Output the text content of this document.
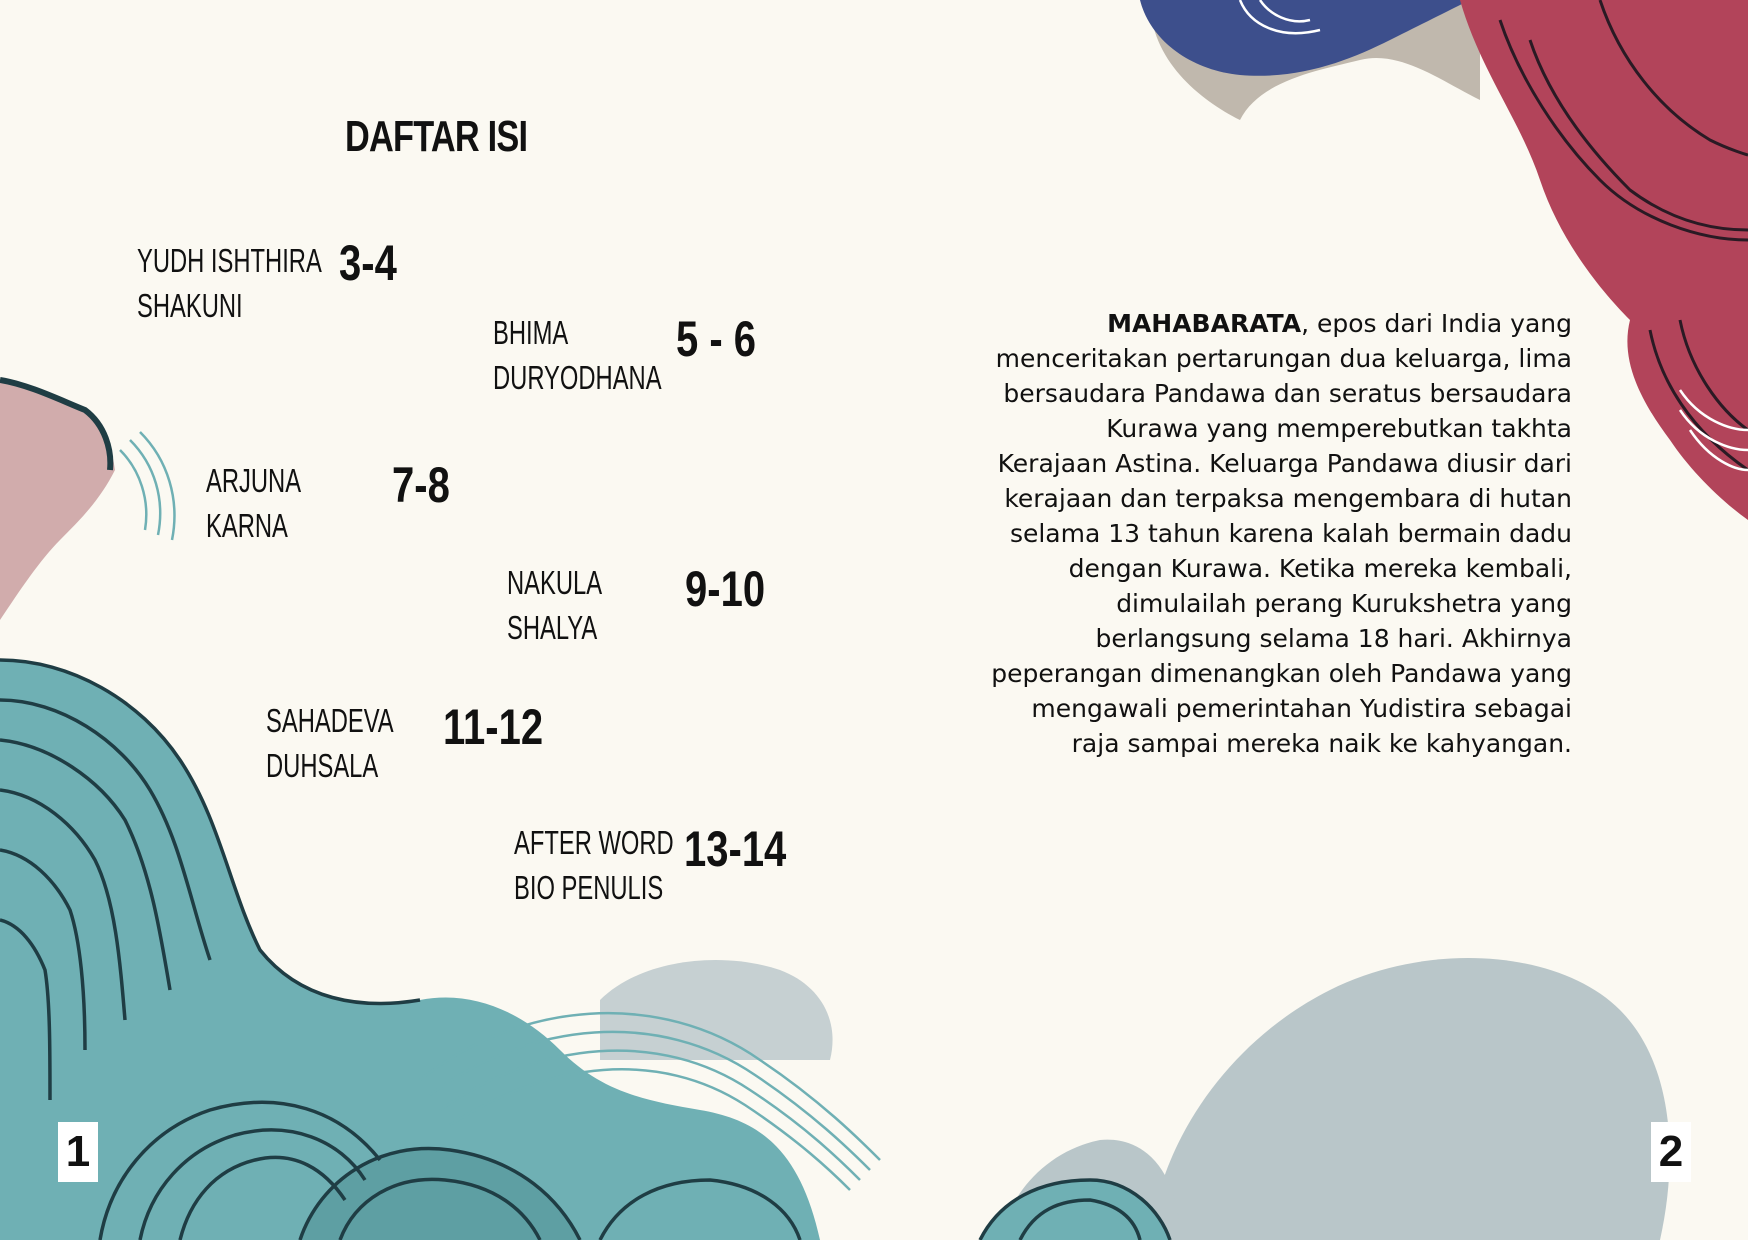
DAFTAR ISI
YUDH ISHTHIRA
SHAKUNI
3-4
BHIMA
DURYODHANA
5 - 6
ARJUNA
KARNA
7-8
NAKULA
SHALYA
9-10
SAHADEVA
DUHSALA
11-12
AFTER WORD
BIO PENULIS
13-14

MAHABARATA, epos dari India yang menceritakan pertarungan dua keluarga, lima bersaudara Pandawa dan seratus bersaudara Kurawa yang memperebutkan takhta Kerajaan Astina. Keluarga Pandawa diusir dari kerajaan dan terpaksa mengembara di hutan selama 13 tahun karena kalah bermain dadu dengan Kurawa. Ketika mereka kembali, dimulailah perang Kurukshetra yang berlangsung selama 18 hari. Akhirnya peperangan dimenangkan oleh Pandawa yang mengawali pemerintahan Yudistira sebagai raja sampai mereka naik ke kahyangan.

1	2
